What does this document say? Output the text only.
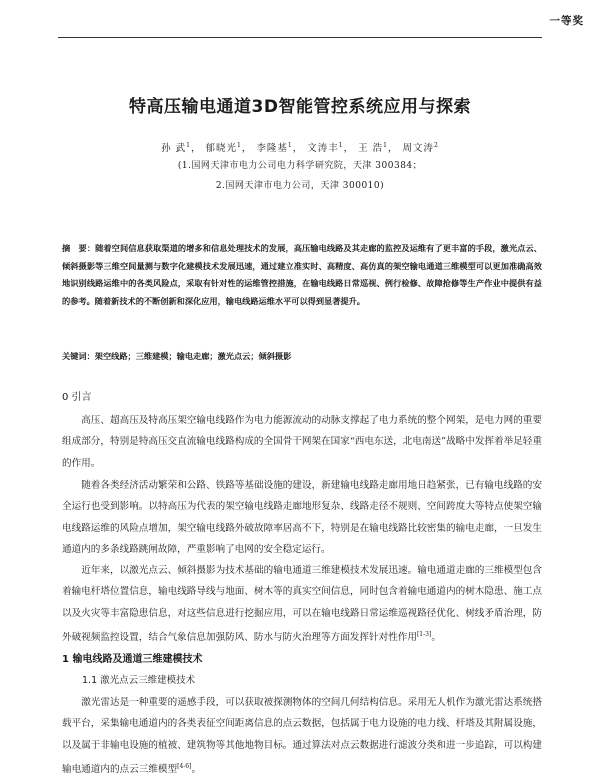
一等奖
特高压输电通道3D智能管控系统应用与探索
孙 武$^1$， 郁晓光$^1$， 李隆基$^1$， 文涛丰$^1$， 王 浩$^1$， 周文涛$^2$
(1.国网天津市电力公司电力科学研究院，天津 300384；
2.国网天津市电力公司，天津 300010)
摘　要：随着空间信息获取渠道的增多和信息处理技术的发展，高压输电线路及其走廊的监控及运维有了更丰富的手段，激光点云、倾斜摄影等三维空间量测与数字化建模技术发展迅速，通过建立准实时、高精度、高仿真的架空输电通道三维模型可以更加准确高效地识别线路运维中的各类风险点，采取有针对性的运维管控措施，在输电线路日常巡视、例行检修、故障抢修等生产作业中提供有益的参考。随着新技术的不断创新和深化应用，输电线路运维水平可以得到显著提升。
关键词：架空线路；三维建模；输电走廊；激光点云；倾斜摄影
0 引言
高压、超高压及特高压架空输电线路作为电力能源流动的动脉支撑起了电力系统的整个网架，是电力网的重要组成部分，特别是特高压交直流输电线路构成的全国骨干网架在国家“西电东送，北电南送”战略中发挥着举足轻重的作用。
随着各类经济活动繁荣和公路、铁路等基础设施的建设，新建输电线路走廊用地日趋紧张，已有输电线路的安全运行也受到影响。以特高压为代表的架空输电线路走廊地形复杂、线路走径不规则、空间跨度大等特点使架空输电线路运维的风险点增加，架空输电线路外破故障率居高不下，特别是在输电线路比较密集的输电走廊，一旦发生通道内的多条线路跳闸故障，严重影响了电网的安全稳定运行。
近年来，以激光点云、倾斜摄影为技术基础的输电通道三维建模技术发展迅速。输电通道走廊的三维模型包含着输电杆塔位置信息，输电线路导线与地面、树木等的真实空间信息，同时包含着输电通道内的树木隐患、施工点以及火灾等丰富隐患信息，对这些信息进行挖掘应用，可以在输电线路日常运维巡视路径优化、树线矛盾治理，防外破视频监控设置，结合气象信息加强防风、防水与防火治理等方面发挥针对性作用[1-3]。
1 输电线路及通道三维建模技术
1.1 激光点云三维建模技术
激光雷达是一种重要的遥感手段，可以获取被探测物体的空间几何结构信息。采用无人机作为激光雷达系统搭载平台，采集输电通道内的各类表征空间距离信息的点云数据，包括属于电力设施的电力线、杆塔及其附属设施，以及属于非输电设施的植被、建筑物等其他地物目标。通过算法对点云数据进行滤波分类和进一步追踪，可以构建输电通道内的点云三维模型[4-6]。
